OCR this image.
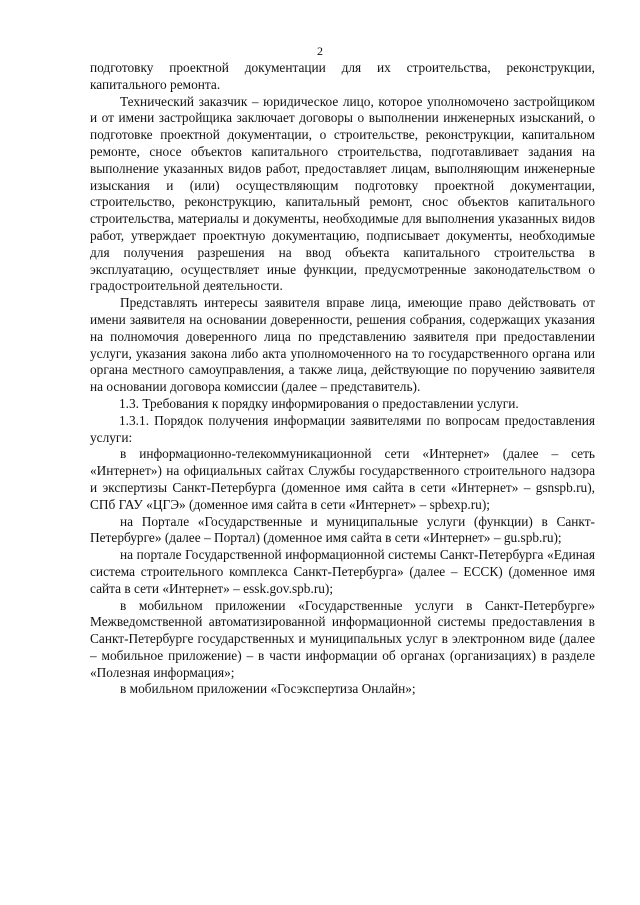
2

подготовку проектной документации для их строительства, реконструкции, капитального ремонта.

Технический заказчик – юридическое лицо, которое уполномочено застройщиком и от имени застройщика заключает договоры о выполнении инженерных изысканий, о подготовке проектной документации, о строительстве, реконструкции, капитальном ремонте, сносе объектов капитального строительства, подготавливает задания на выполнение указанных видов работ, предоставляет лицам, выполняющим инженерные изыскания и (или) осуществляющим подготовку проектной документации, строительство, реконструкцию, капитальный ремонт, снос объектов капитального строительства, материалы и документы, необходимые для выполнения указанных видов работ, утверждает проектную документацию, подписывает документы, необходимые для получения разрешения на ввод объекта капитального строительства в эксплуатацию, осуществляет иные функции, предусмотренные законодательством о градостроительной деятельности.

Представлять интересы заявителя вправе лица, имеющие право действовать от имени заявителя на основании доверенности, решения собрания, содержащих указания на полномочия доверенного лица по представлению заявителя при предоставлении услуги, указания закона либо акта уполномоченного на то государственного органа или органа местного самоуправления, а также лица, действующие по поручению заявителя на основании договора комиссии (далее – представитель).

1.3. Требования к порядку информирования о предоставлении услуги.

1.3.1. Порядок получения информации заявителями по вопросам предоставления услуги:

в информационно-телекоммуникационной сети «Интернет» (далее – сеть «Интернет») на официальных сайтах Службы государственного строительного надзора и экспертизы Санкт-Петербурга (доменное имя сайта в сети «Интернет» – gsnspb.ru), СПб ГАУ «ЦГЭ» (доменное имя сайта в сети «Интернет» – spbexp.ru);

на Портале «Государственные и муниципальные услуги (функции) в Санкт-Петербурге» (далее – Портал) (доменное имя сайта в сети «Интернет» – gu.spb.ru);

на портале Государственной информационной системы Санкт-Петербурга «Единая система строительного комплекса Санкт-Петербурга» (далее – ЕССК) (доменное имя сайта в сети «Интернет» – essk.gov.spb.ru);

в мобильном приложении «Государственные услуги в Санкт-Петербурге» Межведомственной автоматизированной информационной системы предоставления в Санкт-Петербурге государственных и муниципальных услуг в электронном виде (далее – мобильное приложение) – в части информации об органах (организациях) в разделе «Полезная информация»;

в мобильном приложении «Госэкспертиза Онлайн»;
